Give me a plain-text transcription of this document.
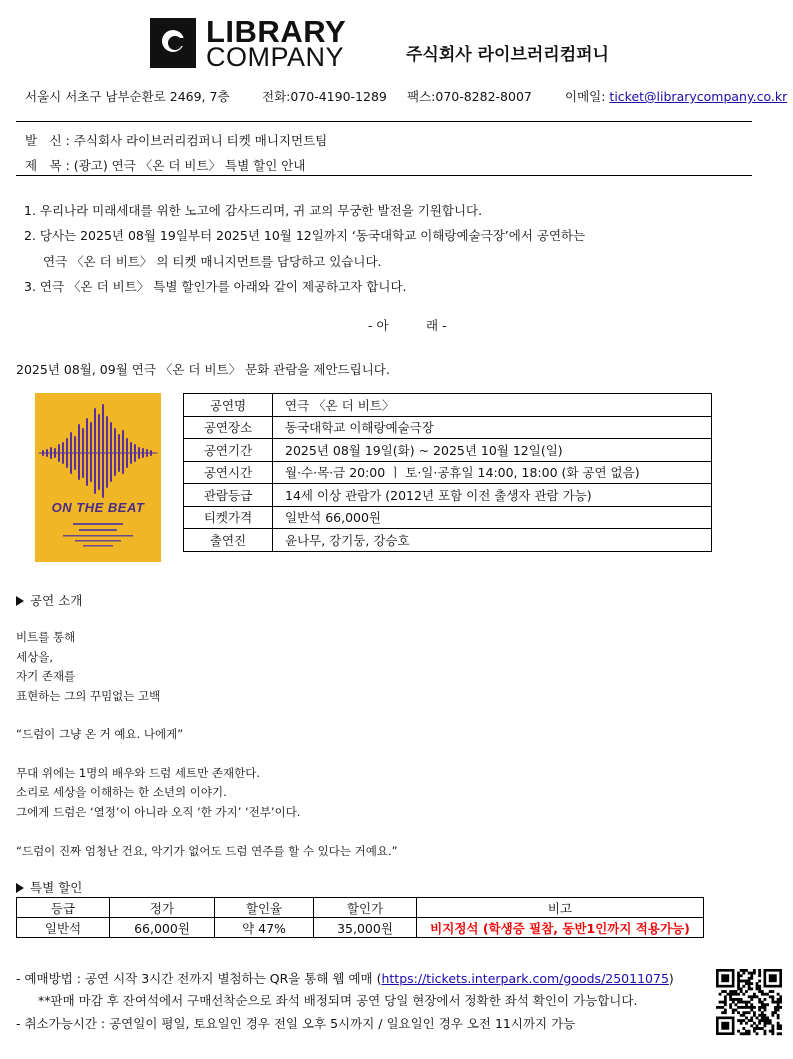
LIBRARY
COMPANY	주식회사 라이브러리컴퍼니
서울시 서초구 남부순환로 2469, 7층	전화:070-4190-1289 팩스:070-8282-8007	이메일: ticket@librarycompany.co.kr
발　신 : 주식회사 라이브러리컴퍼니 티켓 매니지먼트팀
제　목 : (광고) 연극 〈온 더 비트〉 특별 할인 안내
1. 우리나라 미래세대를 위한 노고에 감사드리며, 귀 교의 무궁한 발전을 기원합니다.
2. 당사는 2025년 08월 19일부터 2025년 10월 12일까지 ‘동국대학교 이해랑예술극장’에서 공연하는
연극 〈온 더 비트〉 의 티켓 매니지먼트를 담당하고 있습니다.
3. 연극 〈온 더 비트〉 특별 할인가를 아래와 같이 제공하고자 합니다.
- 아　　　래 -
2025년 08월, 09월 연극 〈온 더 비트〉 문화 관람을 제안드립니다.
ON THE BEAT
공연명	연극 〈온 더 비트〉
공연장소	동국대학교 이해랑예술극장
공연기간	2025년 08월 19일(화) ~ 2025년 10월 12일(일)
공연시간	월·수·목·금 20:00 ㅣ 토·일·공휴일 14:00, 18:00 (화 공연 없음)
관람등급	14세 이상 관람가 (2012년 포함 이전 출생자 관람 가능)
티켓가격	일반석 66,000원
출연진	윤나무, 강기둥, 강승호
공연 소개
비트를 통해
세상을,
자기 존재를
표현하는 그의 꾸밈없는 고백
“드럼이 그냥 온 거 예요. 나에게”
무대 위에는 1명의 배우와 드럼 세트만 존재한다.
소리로 세상을 이해하는 한 소년의 이야기.
그에게 드럼은 ‘열정’이 아니라 오직 ‘한 가지’ ‘전부’이다.
“드럼이 진짜 엄청난 건요, 악기가 없어도 드럼 연주를 할 수 있다는 거예요.”
특별 할인
등급	정가	할인율	할인가	비고
일반석	66,000원	약 47%	35,000원	비지정석 (학생증 필참, 동반1인까지 적용가능)
- 예매방법 : 공연 시작 3시간 전까지 별첨하는 QR을 통해 웹 예매 (https://tickets.interpark.com/goods/25011075)
**판매 마감 후 잔여석에서 구매선착순으로 좌석 배정되며 공연 당일 현장에서 정확한 좌석 확인이 가능합니다.
- 취소가능시간 : 공연일이 평일, 토요일인 경우 전일 오후 5시까지 / 일요일인 경우 오전 11시까지 가능
